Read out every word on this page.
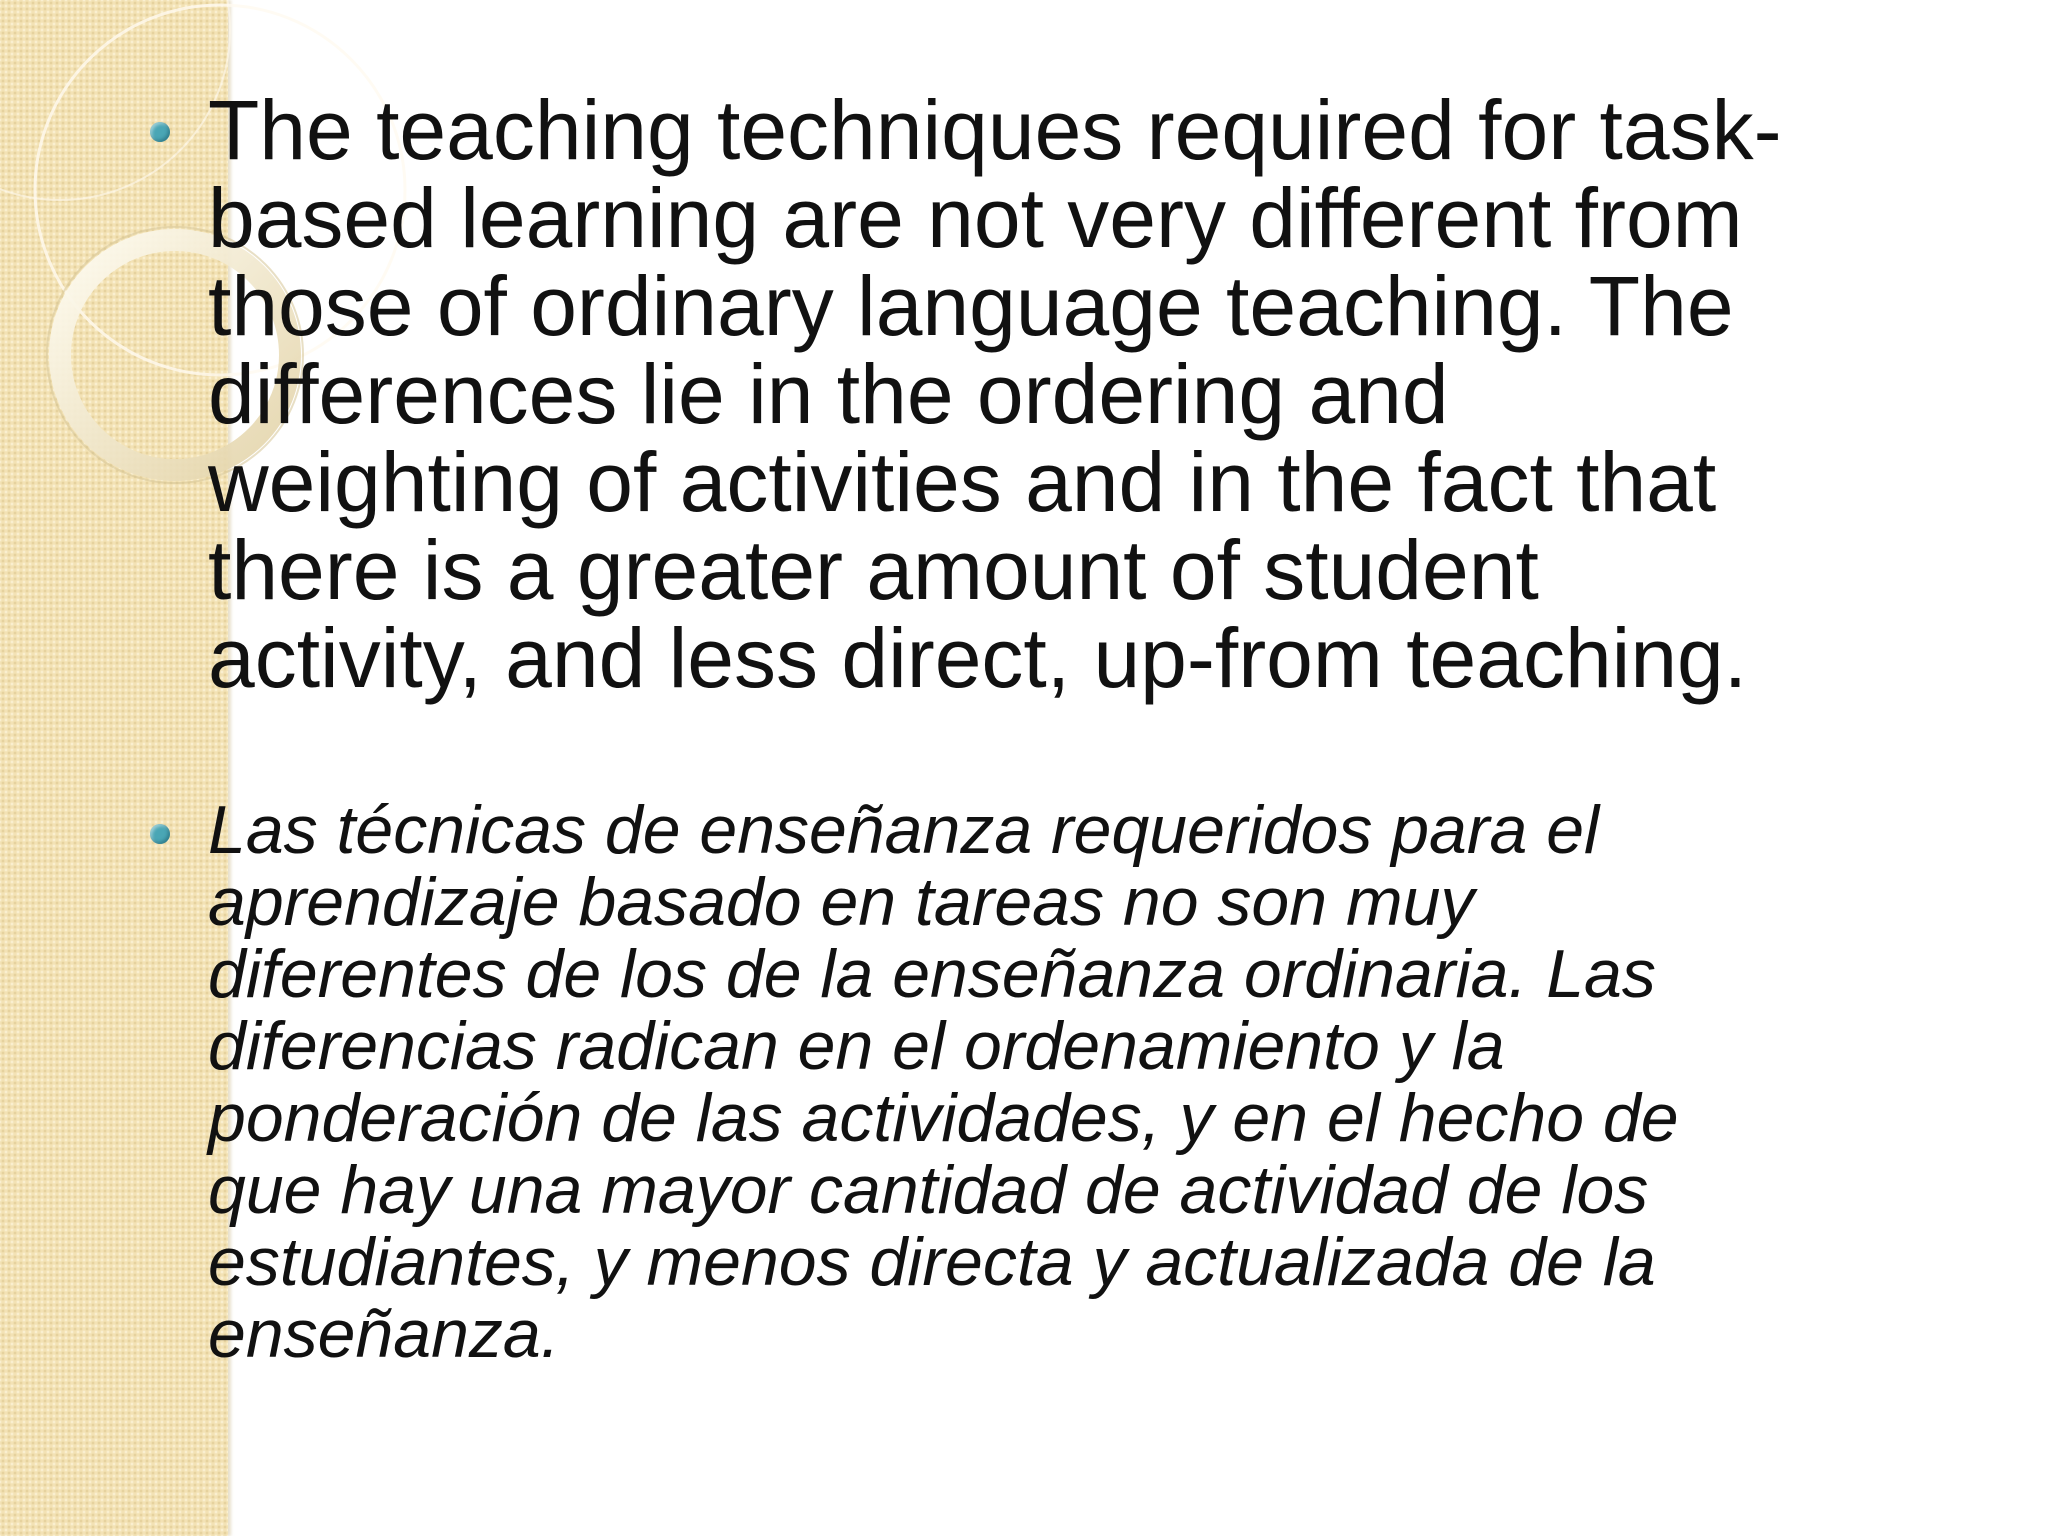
The teaching techniques required for task-
based learning are not very different from
those of ordinary language teaching. The
differences lie in the ordering and
weighting of activities and in the fact that
there is a greater amount of student
activity, and less direct, up-from teaching.
Las técnicas de enseñanza requeridos para el
aprendizaje basado en tareas no son muy
diferentes de los de la enseñanza ordinaria. Las
diferencias radican en el ordenamiento y la
ponderación de las actividades, y en el hecho de
que hay una mayor cantidad de actividad de los
estudiantes, y menos directa y actualizada de la
enseñanza.
